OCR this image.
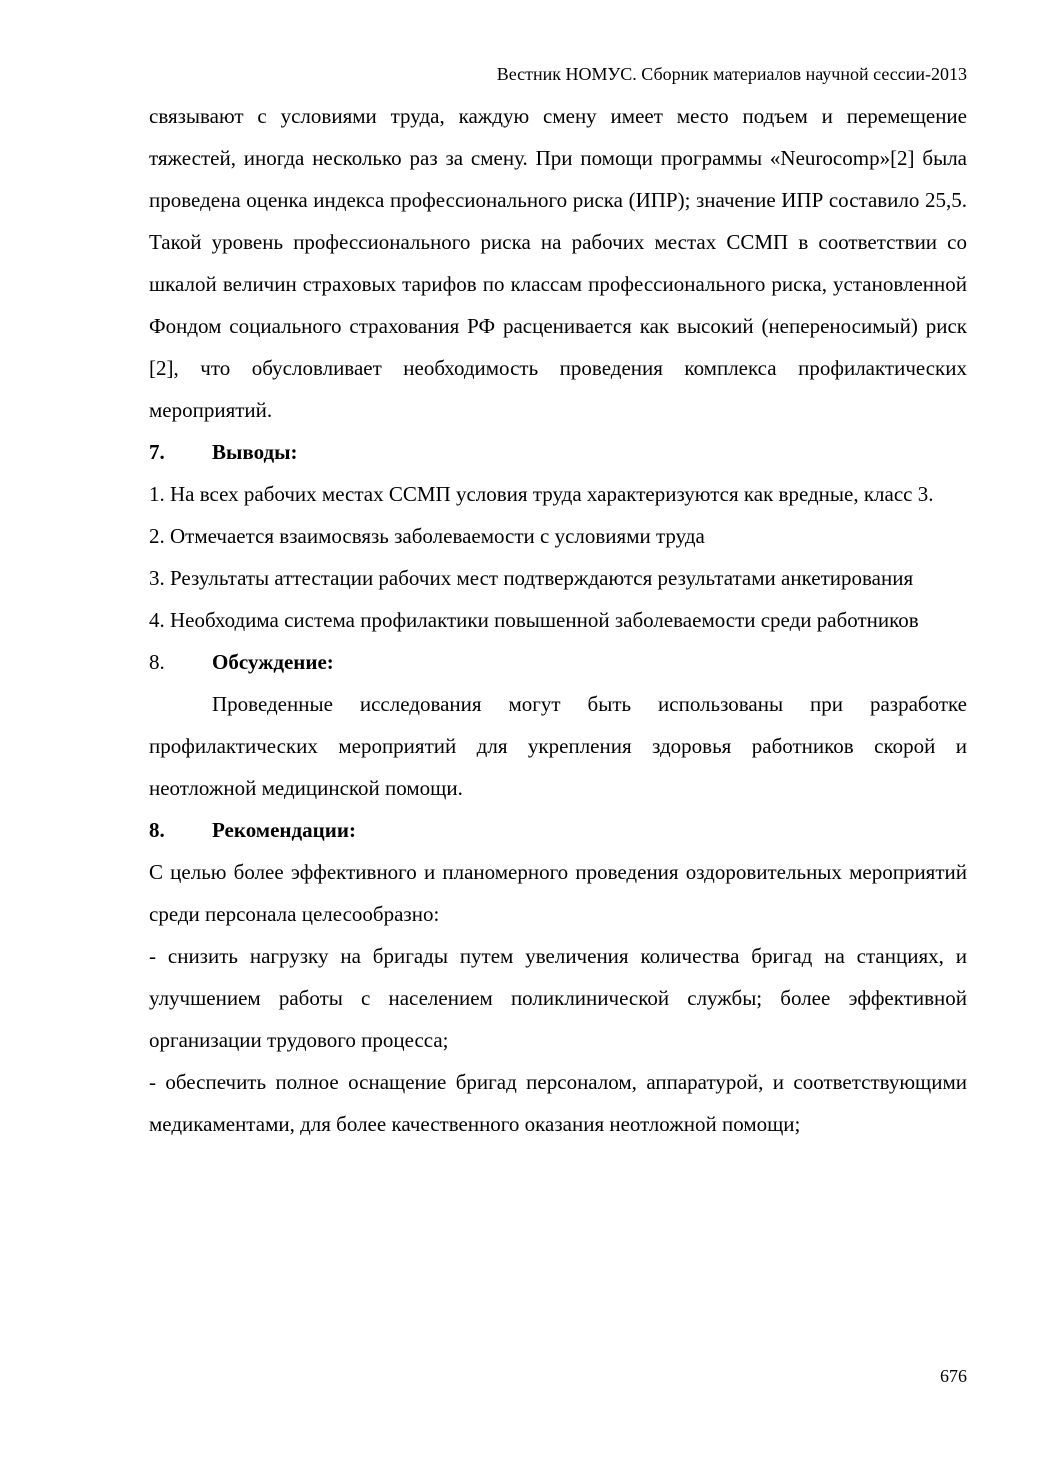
Вестник НОМУС. Сборник материалов научной сессии-2013

связывают с условиями труда, каждую смену имеет место подъем и перемещение тяжестей, иногда несколько раз за смену. При помощи программы «Neurocomp»[2] была проведена оценка индекса профессионального риска (ИПР); значение ИПР составило 25,5. Такой уровень профессионального риска на рабочих местах ССМП в соответствии со шкалой величин страховых тарифов по классам профессионального риска, установленной Фондом социального страхования РФ расценивается как высокий (непереносимый) риск [2], что обусловливает необходимость проведения комплекса профилактических мероприятий.

7.	Выводы:

1. На всех рабочих местах ССМП условия труда характеризуются как вредные, класс 3.

2. Отмечается взаимосвязь заболеваемости с условиями труда

3. Результаты аттестации рабочих мест подтверждаются результатами анкетирования

4. Необходима система профилактики повышенной заболеваемости среди работников

8.	Обсуждение:

Проведенные исследования могут быть использованы при разработке профилактических мероприятий для укрепления здоровья работников скорой и неотложной медицинской помощи.

8.	Рекомендации:

С целью более эффективного и планомерного проведения оздоровительных мероприятий среди персонала целесообразно:

- снизить нагрузку на бригады путем увеличения количества бригад на станциях, и улучшением работы с населением поликлинической службы; более эффективной организации трудового процесса;

- обеспечить полное оснащение бригад персоналом, аппаратурой, и соответствующими медикаментами, для более качественного оказания неотложной помощи;

676
